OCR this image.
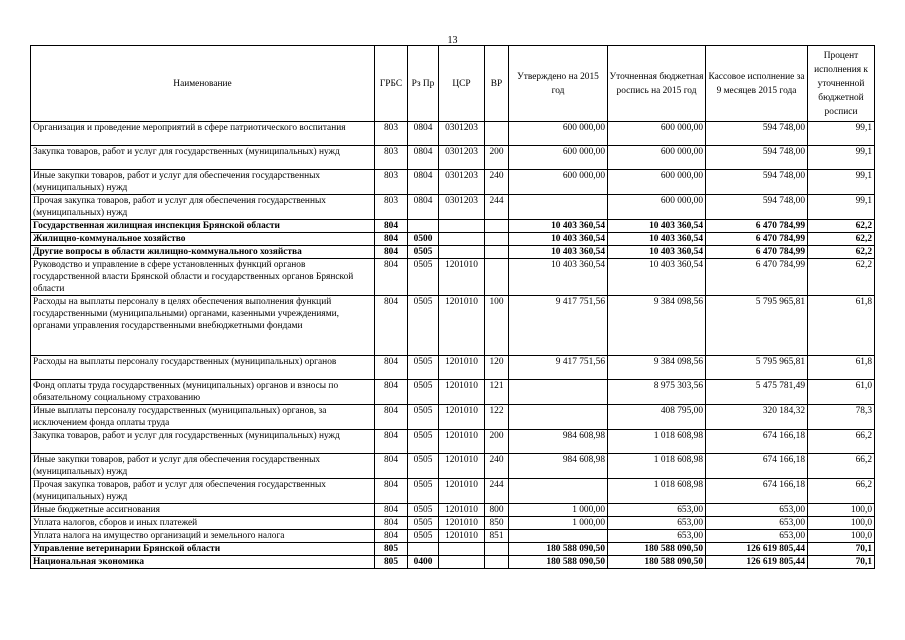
13
Наименование	ГРБС	Рз Пр	ЦСР	ВР	Утверждено на 2015 год	Уточненная бюджетная роспись на 2015 год	Кассовое исполнение за 9 месяцев 2015 года	Процент исполнения к уточненной бюджетной росписи
Организация и проведение мероприятий в сфере патриотического воспитания	803	0804	0301203		600 000,00	600 000,00	594 748,00	99,1
Закупка товаров, работ и услуг для государственных (муниципальных) нужд	803	0804	0301203	200	600 000,00	600 000,00	594 748,00	99,1
Иные закупки товаров, работ и услуг для обеспечения государственных (муниципальных) нужд	803	0804	0301203	240	600 000,00	600 000,00	594 748,00	99,1
Прочая закупка товаров, работ и услуг для обеспечения государственных (муниципальных) нужд	803	0804	0301203	244		600 000,00	594 748,00	99,1
Государственная жилищная инспекция Брянской области	804				10 403 360,54	10 403 360,54	6 470 784,99	62,2
Жилищно-коммунальное хозяйство	804	0500			10 403 360,54	10 403 360,54	6 470 784,99	62,2
Другие вопросы в области жилищно-коммунального хозяйства	804	0505			10 403 360,54	10 403 360,54	6 470 784,99	62,2
Руководство и управление в сфере установленных функций органов государственной власти Брянской области и государственных органов Брянской области	804	0505	1201010		10 403 360,54	10 403 360,54	6 470 784,99	62,2
Расходы на выплаты персоналу в целях обеспечения выполнения функций государственными (муниципальными) органами, казенными учреждениями, органами управления государственными внебюджетными фондами	804	0505	1201010	100	9 417 751,56	9 384 098,56	5 795 965,81	61,8
Расходы на выплаты персоналу государственных (муниципальных) органов	804	0505	1201010	120	9 417 751,56	9 384 098,56	5 795 965,81	61,8
Фонд оплаты труда государственных (муниципальных) органов и взносы по обязательному социальному страхованию	804	0505	1201010	121		8 975 303,56	5 475 781,49	61,0
Иные выплаты персоналу государственных (муниципальных) органов, за исключением фонда оплаты труда	804	0505	1201010	122		408 795,00	320 184,32	78,3
Закупка товаров, работ и услуг для государственных (муниципальных) нужд	804	0505	1201010	200	984 608,98	1 018 608,98	674 166,18	66,2
Иные закупки товаров, работ и услуг для обеспечения государственных (муниципальных) нужд	804	0505	1201010	240	984 608,98	1 018 608,98	674 166,18	66,2
Прочая закупка товаров, работ и услуг для обеспечения государственных (муниципальных) нужд	804	0505	1201010	244		1 018 608,98	674 166,18	66,2
Иные бюджетные ассигнования	804	0505	1201010	800	1 000,00	653,00	653,00	100,0
Уплата налогов, сборов и иных платежей	804	0505	1201010	850	1 000,00	653,00	653,00	100,0
Уплата налога на имущество организаций и земельного налога	804	0505	1201010	851		653,00	653,00	100,0
Управление ветеринарии Брянской области	805				180 588 090,50	180 588 090,50	126 619 805,44	70,1
Национальная экономика	805	0400			180 588 090,50	180 588 090,50	126 619 805,44	70,1
